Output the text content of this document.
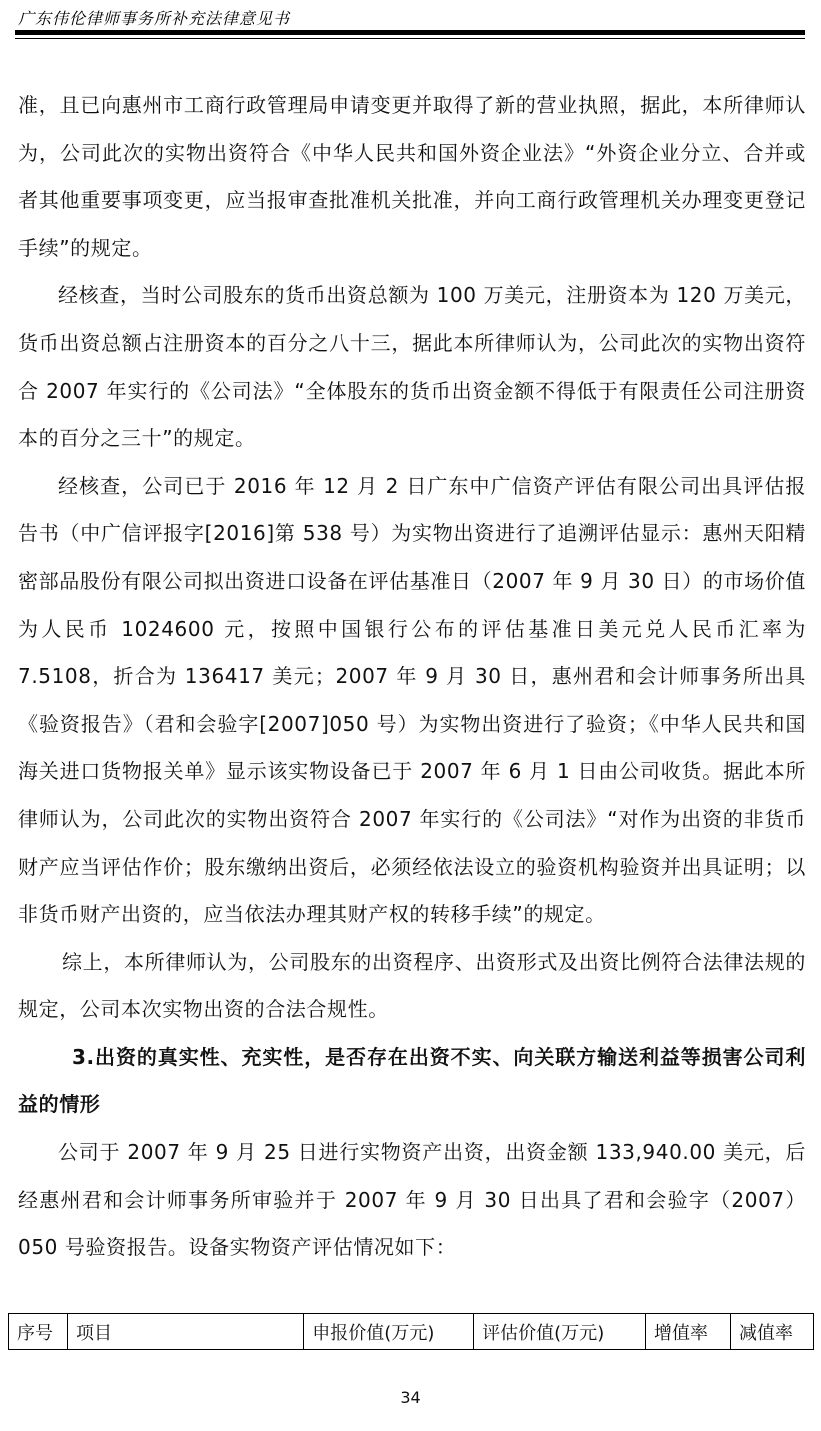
广东伟伦律师事务所补充法律意见书

准，且已向惠州市工商行政管理局申请变更并取得了新的营业执照，据此，本所律师认为，公司此次的实物出资符合《中华人民共和国外资企业法》“外资企业分立、合并或者其他重要事项变更，应当报审查批准机关批准，并向工商行政管理机关办理变更登记手续”的规定。

经核查，当时公司股东的货币出资总额为 100 万美元，注册资本为 120 万美元，货币出资总额占注册资本的百分之八十三，据此本所律师认为，公司此次的实物出资符合 2007 年实行的《公司法》“全体股东的货币出资金额不得低于有限责任公司注册资本的百分之三十”的规定。

经核查，公司已于 2016 年 12 月 2 日广东中广信资产评估有限公司出具评估报告书（中广信评报字[2016]第 538 号）为实物出资进行了追溯评估显示：惠州天阳精密部品股份有限公司拟出资进口设备在评估基准日（2007 年 9 月 30 日）的市场价值为人民币 1024600 元，按照中国银行公布的评估基准日美元兑人民币汇率为 7.5108，折合为 136417 美元；2007 年 9 月 30 日，惠州君和会计师事务所出具《验资报告》（君和会验字[2007]050 号）为实物出资进行了验资；《中华人民共和国海关进口货物报关单》显示该实物设备已于 2007 年 6 月 1 日由公司收货。据此本所律师认为，公司此次的实物出资符合 2007 年实行的《公司法》“对作为出资的非货币财产应当评估作价；股东缴纳出资后，必须经依法设立的验资机构验资并出具证明；以非货币财产出资的，应当依法办理其财产权的转移手续”的规定。

综上，本所律师认为，公司股东的出资程序、出资形式及出资比例符合法律法规的规定，公司本次实物出资的合法合规性。

3.出资的真实性、充实性，是否存在出资不实、向关联方输送利益等损害公司利益的情形

公司于 2007 年 9 月 25 日进行实物资产出资，出资金额 133,940.00 美元，后经惠州君和会计师事务所审验并于 2007 年 9 月 30 日出具了君和会验字（2007）050 号验资报告。设备实物资产评估情况如下：

序号	项目	申报价值(万元)	评估价值(万元)	增值率	减值率
34
